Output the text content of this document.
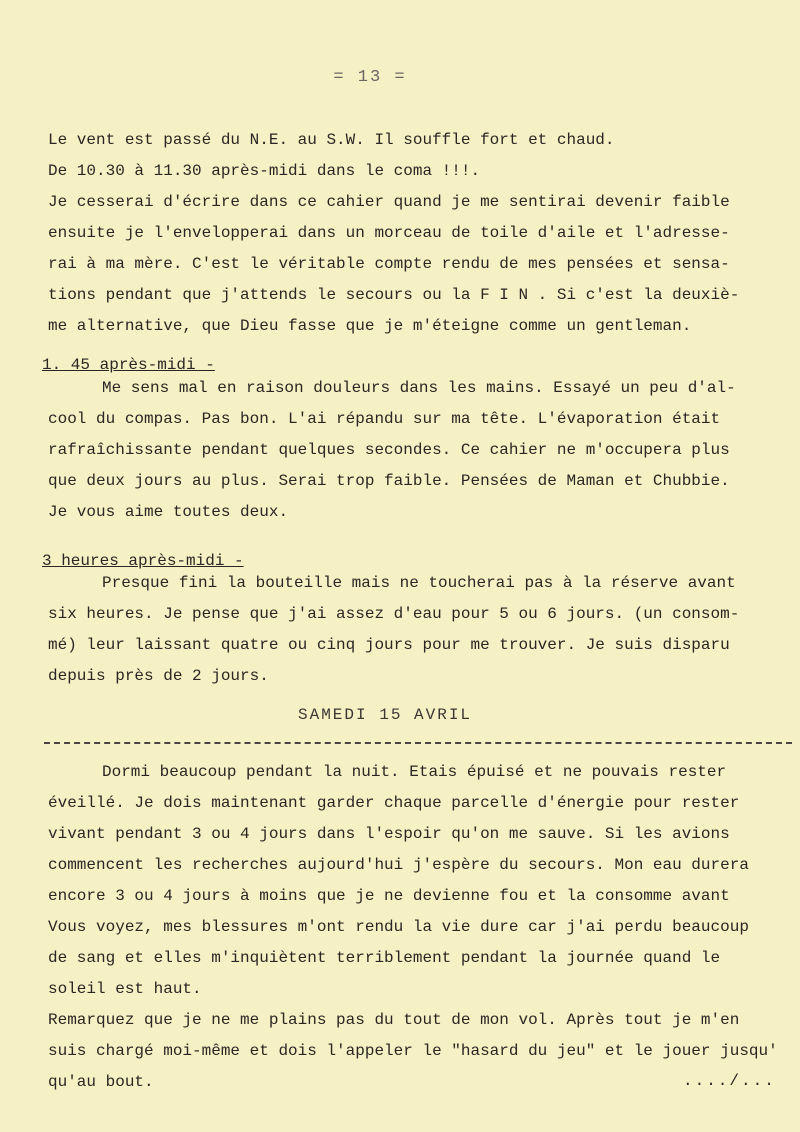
= 13 =
Le vent est passé du N.E. au S.W. Il souffle fort et chaud.
De 10.30 à 11.30 après-midi dans le coma !!!.
Je cesserai d'écrire dans ce cahier quand je me sentirai devenir faible
ensuite je l'envelopperai dans un morceau de toile d'aile et l'adresse-
rai à ma mère. C'est le véritable compte rendu de mes pensées et sensa-
tions pendant que j'attends le secours ou la F I N . Si c'est la deuxiè-
me alternative, que Dieu fasse que je m'éteigne comme un gentleman.
1. 45 après-midi -
Me sens mal en raison douleurs dans les mains. Essayé un peu d'al-
cool du compas. Pas bon. L'ai répandu sur ma tête. L'évaporation était
rafraîchissante pendant quelques secondes. Ce cahier ne m'occupera plus
que deux jours au plus. Serai trop faible. Pensées de Maman et Chubbie.
Je vous aime toutes deux.
3 heures après-midi -
Presque fini la bouteille mais ne toucherai pas à la réserve avant
six heures. Je pense que j'ai assez d'eau pour 5 ou 6 jours. (un consom-
mé) leur laissant quatre ou cinq jours pour me trouver. Je suis disparu
depuis près de 2 jours.
SAMEDI 15 AVRIL
Dormi beaucoup pendant la nuit. Etais épuisé et ne pouvais rester
éveillé. Je dois maintenant garder chaque parcelle d'énergie pour rester
vivant pendant 3 ou 4 jours dans l'espoir qu'on me sauve. Si les avions
commencent les recherches aujourd'hui j'espère du secours. Mon eau durera
encore 3 ou 4 jours à moins que je ne devienne fou et la consomme avant
Vous voyez, mes blessures m'ont rendu la vie dure car j'ai perdu beaucoup
de sang et elles m'inquiètent terriblement pendant la journée quand le
soleil est haut.
Remarquez que je ne me plains pas du tout de mon vol. Après tout je m'en
suis chargé moi-même et dois l'appeler le "hasard du jeu" et le jouer jusqu'
qu'au bout.	..../...
